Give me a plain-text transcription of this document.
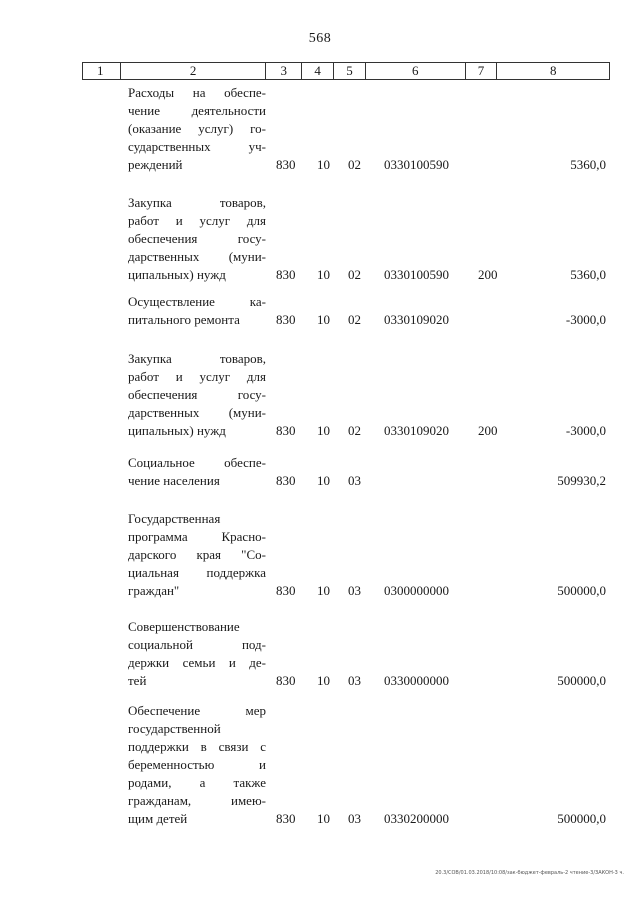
568
1	2	3	4	5	6	7	8
Расходы на обеспе-
чение деятельности
(оказание услуг) го-
сударственных уч-
реждений	830 10 02 0330100590	5360,0
Закупка товаров,
работ и услуг для
обеспечения госу-
дарственных (муни-
ципальных) нужд	830 10 02 0330100590 200	5360,0
Осуществление ка-
питального ремонта	830 10 02 0330109020	-3000,0
Закупка товаров,
работ и услуг для
обеспечения госу-
дарственных (муни-
ципальных) нужд	830 10 02 0330109020 200	-3000,0
Социальное обеспе-
чение населения	830 10 03	509930,2
Государственная
программа Красно-
дарского края "Со-
циальная поддержка
граждан"	830 10 03 0300000000	500000,0
Совершенствование
социальной под-
держки семьи и де-
тей	830 10 03 0330000000	500000,0
Обеспечение мер
государственной
поддержки в связи с
беременностью и
родами, а также
гражданам, имею-
щим детей	830 10 03 0330200000	500000,0
20.3/СОВ/01.03.2018/10:08/зак-бюджет-февраль-2 чтение-3/ЗАКОН-3 ч.
